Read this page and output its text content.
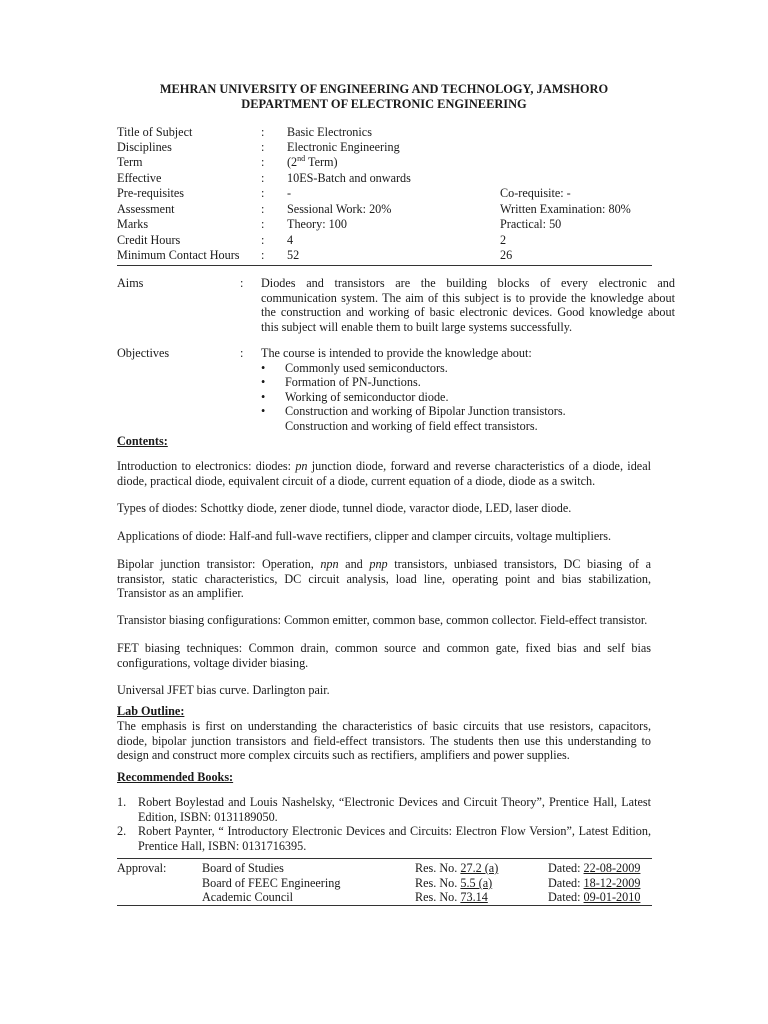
MEHRAN UNIVERSITY OF ENGINEERING AND TECHNOLOGY, JAMSHORO
DEPARTMENT OF ELECTRONIC ENGINEERING
Title of Subject	: Basic Electronics
Disciplines	: Electronic Engineering
Term	: (2nd Term)
Effective	: 10ES-Batch and onwards
Pre-requisites	: -	Co-requisite: -
Assessment	: Sessional Work: 20%	Written Examination: 80%
Marks	: Theory: 100	Practical: 50
Credit Hours	: 4	2
Minimum Contact Hours : 52	26
Aims	: Diodes and transistors are the building blocks of every electronic and communication system. The aim of this subject is to provide the knowledge about the construction and working of basic electronic devices. Good knowledge about this subject will enable them to built large systems successfully.
Objectives	: The course is intended to provide the knowledge about:
• Commonly used semiconductors.
• Formation of PN-Junctions.
• Working of semiconductor diode.
• Construction and working of Bipolar Junction transistors.
Construction and working of field effect transistors.
Contents:
Introduction to electronics: diodes: pn junction diode, forward and reverse characteristics of a diode, ideal diode, practical diode, equivalent circuit of a diode, current equation of a diode, diode as a switch.
Types of diodes: Schottky diode, zener diode, tunnel diode, varactor diode, LED, laser diode.
Applications of diode: Half-and full-wave rectifiers, clipper and clamper circuits, voltage multipliers.
Bipolar junction transistor: Operation, npn and pnp transistors, unbiased transistors, DC biasing of a transistor, static characteristics, DC circuit analysis, load line, operating point and bias stabilization, Transistor as an amplifier.
Transistor biasing configurations: Common emitter, common base, common collector. Field-effect transistor.
FET biasing techniques: Common drain, common source and common gate, fixed bias and self bias configurations, voltage divider biasing.
Universal JFET bias curve. Darlington pair.
Lab Outline:
The emphasis is first on understanding the characteristics of basic circuits that use resistors, capacitors, diode, bipolar junction transistors and field-effect transistors. The students then use this understanding to design and construct more complex circuits such as rectifiers, amplifiers and power supplies.
Recommended Books:
1. Robert Boylestad and Louis Nashelsky, “Electronic Devices and Circuit Theory”, Prentice Hall, Latest Edition, ISBN: 0131189050.
2. Robert Paynter, “ Introductory Electronic Devices and Circuits: Electron Flow Version”, Latest Edition, Prentice Hall, ISBN: 0131716395.
Approval:	Board of Studies	Res. No. 27.2 (a)	Dated: 22-08-2009
Board of FEEC Engineering	Res. No. 5.5 (a)	Dated: 18-12-2009
Academic Council	Res. No. 73.14	Dated: 09-01-2010
